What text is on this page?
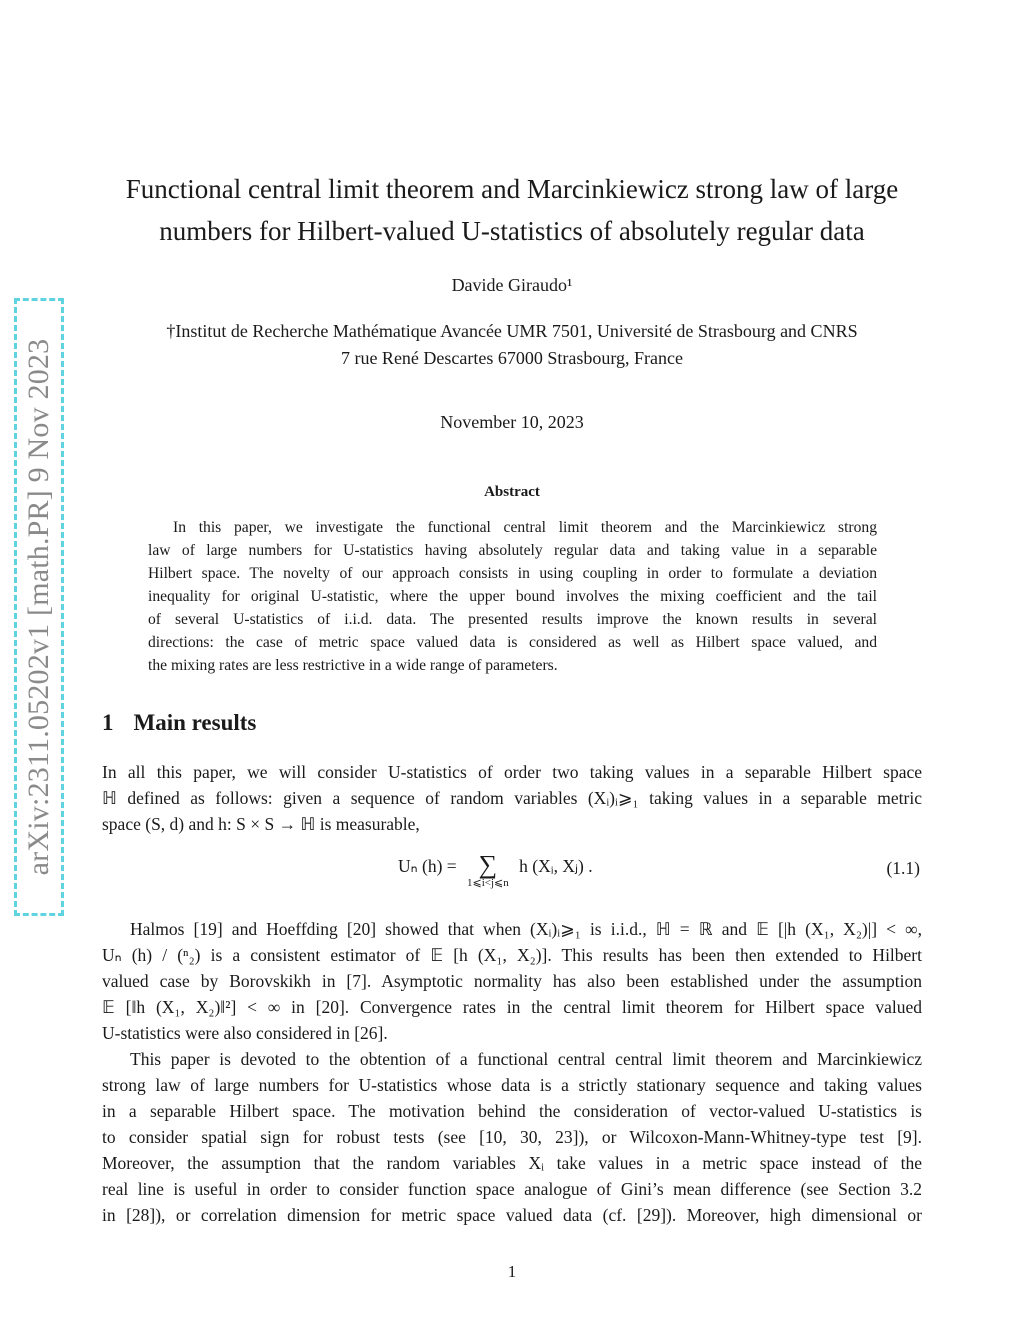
arXiv:2311.05202v1 [math.PR] 9 Nov 2023
Functional central limit theorem and Marcinkiewicz strong law of large
numbers for Hilbert-valued U-statistics of absolutely regular data
Davide Giraudo¹
†Institut de Recherche Mathématique Avancée UMR 7501, Université de Strasbourg and CNRS
7 rue René Descartes 67000 Strasbourg, France
November 10, 2023
Abstract
In this paper, we investigate the functional central limit theorem and the Marcinkiewicz strong
law of large numbers for U-statistics having absolutely regular data and taking value in a separable
Hilbert space. The novelty of our approach consists in using coupling in order to formulate a deviation
inequality for original U-statistic, where the upper bound involves the mixing coefficient and the tail
of several U-statistics of i.i.d. data. The presented results improve the known results in several
directions: the case of metric space valued data is considered as well as Hilbert space valued, and
the mixing rates are less restrictive in a wide range of parameters.
1 Main results
In all this paper, we will consider U-statistics of order two taking values in a separable Hilbert space
ℍ defined as follows: given a sequence of random variables (Xᵢ)ᵢ⩾₁ taking values in a separable metric
space (S, d) and h: S × S → ℍ is measurable,
Uₙ (h) = ∑
1⩽i<j⩽n
h (Xᵢ, Xⱼ) .	(1.1)
Halmos [19] and Hoeffding [20] showed that when (Xᵢ)ᵢ⩾₁ is i.i.d., ℍ = ℝ and 𝔼 [|h (X₁, X₂)|] < ∞,
Uₙ (h) / (ⁿ₂) is a consistent estimator of 𝔼 [h (X₁, X₂)]. This results has been then extended to Hilbert
valued case by Borovskikh in [7]. Asymptotic normality has also been established under the assumption
𝔼 [‖h (X₁, X₂)‖²] < ∞ in [20]. Convergence rates in the central limit theorem for Hilbert space valued
U-statistics were also considered in [26].
This paper is devoted to the obtention of a functional central central limit theorem and Marcinkiewicz
strong law of large numbers for U-statistics whose data is a strictly stationary sequence and taking values
in a separable Hilbert space. The motivation behind the consideration of vector-valued U-statistics is
to consider spatial sign for robust tests (see [10, 30, 23]), or Wilcoxon-Mann-Whitney-type test [9].
Moreover, the assumption that the random variables Xᵢ take values in a metric space instead of the
real line is useful in order to consider function space analogue of Gini’s mean difference (see Section 3.2
in [28]), or correlation dimension for metric space valued data (cf. [29]). Moreover, high dimensional or
1
